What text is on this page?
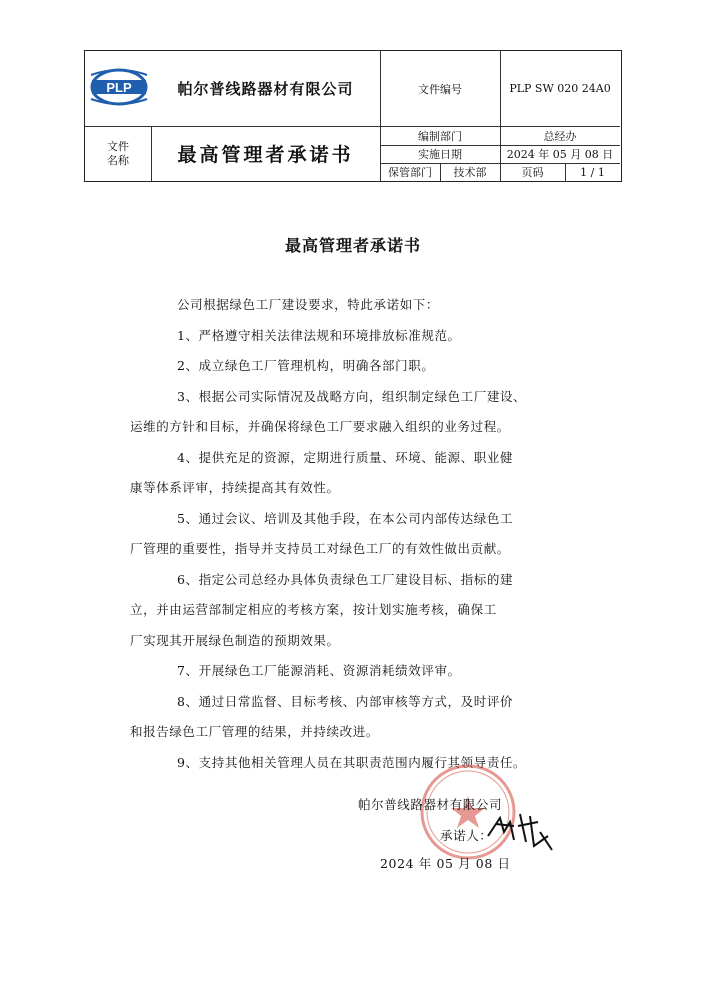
PLP	帕尔普线路器材有限公司	文件编号	PLP SW 020 24A0
文件
名称	最高管理者承诺书
编制部门	总经办
实施日期	2024 年 05 月 08 日
保管部门	技术部	页码	1 / 1
最高管理者承诺书
公司根据绿色工厂建设要求，特此承诺如下：
1、严格遵守相关法律法规和环境排放标准规范。
2、成立绿色工厂管理机构，明确各部门职。
3、根据公司实际情况及战略方向，组织制定绿色工厂建设、
运维的方针和目标，并确保将绿色工厂要求融入组织的业务过程。
4、提供充足的资源，定期进行质量、环境、能源、职业健
康等体系评审，持续提高其有效性。
5、通过会议、培训及其他手段，在本公司内部传达绿色工
厂管理的重要性，指导并支持员工对绿色工厂的有效性做出贡献。
6、指定公司总经办具体负责绿色工厂建设目标、指标的建
立，并由运营部制定相应的考核方案，按计划实施考核，确保工
厂实现其开展绿色制造的预期效果。
7、开展绿色工厂能源消耗、资源消耗绩效评审。
8、通过日常监督、目标考核、内部审核等方式，及时评价
和报告绿色工厂管理的结果，并持续改进。
9、支持其他相关管理人员在其职责范围内履行其领导责任。
帕尔普线路器材有限公司
承诺人：
2024 年 05 月 08 日
